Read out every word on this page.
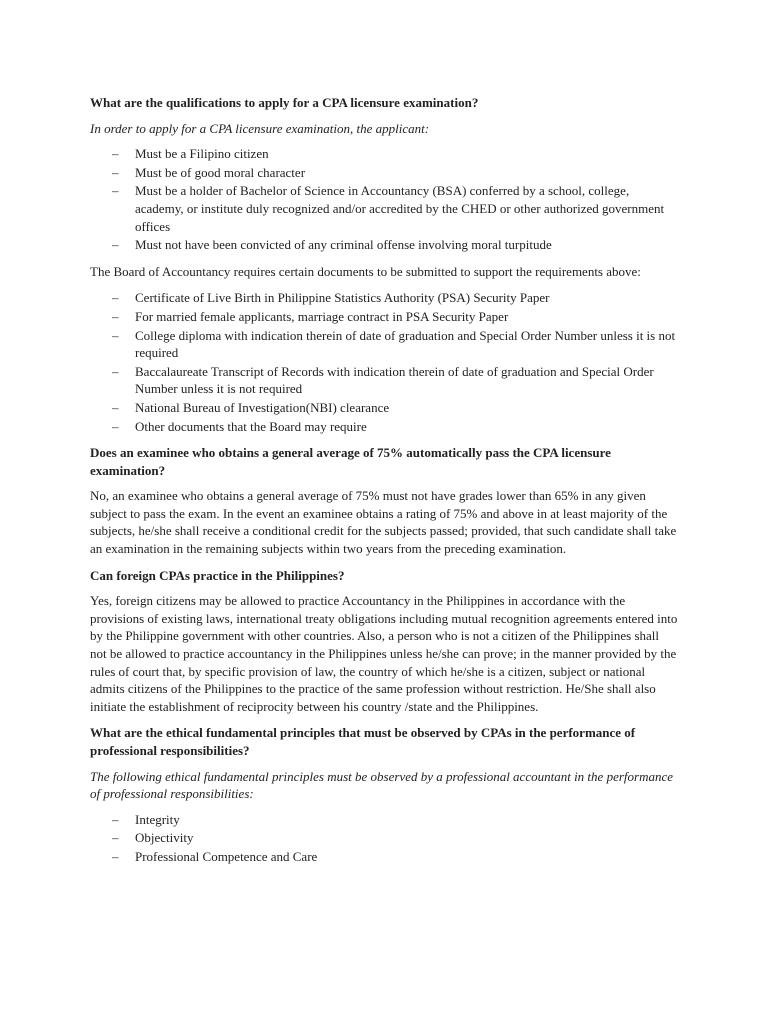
What are the qualifications to apply for a CPA licensure examination?

In order to apply for a CPA licensure examination, the applicant:

– Must be a Filipino citizen
– Must be of good moral character
– Must be a holder of Bachelor of Science in Accountancy (BSA) conferred by a school, college, academy, or institute duly recognized and/or accredited by the CHED or other authorized government offices
– Must not have been convicted of any criminal offense involving moral turpitude

The Board of Accountancy requires certain documents to be submitted to support the requirements above:

– Certificate of Live Birth in Philippine Statistics Authority (PSA) Security Paper
– For married female applicants, marriage contract in PSA Security Paper
– College diploma with indication therein of date of graduation and Special Order Number unless it is not required
– Baccalaureate Transcript of Records with indication therein of date of graduation and Special Order Number unless it is not required
– National Bureau of Investigation(NBI) clearance
– Other documents that the Board may require

Does an examinee who obtains a general average of 75% automatically pass the CPA licensure examination?

No, an examinee who obtains a general average of 75% must not have grades lower than 65% in any given subject to pass the exam. In the event an examinee obtains a rating of 75% and above in at least majority of the subjects, he/she shall receive a conditional credit for the subjects passed; provided, that such candidate shall take an examination in the remaining subjects within two years from the preceding examination.

Can foreign CPAs practice in the Philippines?

Yes, foreign citizens may be allowed to practice Accountancy in the Philippines in accordance with the provisions of existing laws, international treaty obligations including mutual recognition agreements entered into by the Philippine government with other countries. Also, a person who is not a citizen of the Philippines shall not be allowed to practice accountancy in the Philippines unless he/she can prove; in the manner provided by the rules of court that, by specific provision of law, the country of which he/she is a citizen, subject or national admits citizens of the Philippines to the practice of the same profession without restriction. He/She shall also initiate the establishment of reciprocity between his country /state and the Philippines.

What are the ethical fundamental principles that must be observed by CPAs in the performance of professional responsibilities?

The following ethical fundamental principles must be observed by a professional accountant in the performance of professional responsibilities:

– Integrity
– Objectivity
– Professional Competence and Care
